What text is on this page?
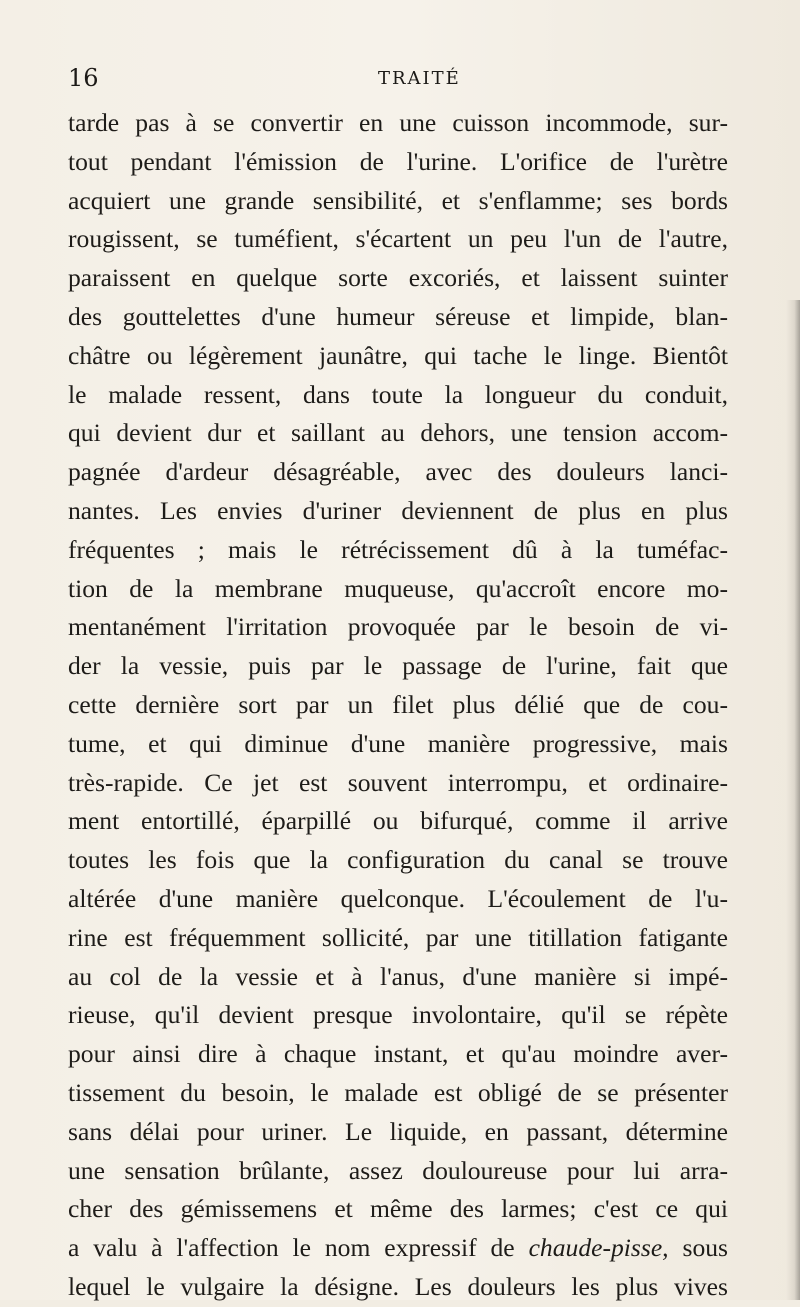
16	TRAITÉ
tarde pas à se convertir en une cuisson incommode, sur-
tout pendant l'émission de l'urine. L'orifice de l'urètre
acquiert une grande sensibilité, et s'enflamme; ses bords
rougissent, se tuméfient, s'écartent un peu l'un de l'autre,
paraissent en quelque sorte excoriés, et laissent suinter
des gouttelettes d'une humeur séreuse et limpide, blan-
châtre ou légèrement jaunâtre, qui tache le linge. Bientôt
le malade ressent, dans toute la longueur du conduit,
qui devient dur et saillant au dehors, une tension accom-
pagnée d'ardeur désagréable, avec des douleurs lanci-
nantes. Les envies d'uriner deviennent de plus en plus
fréquentes ; mais le rétrécissement dû à la tuméfac-
tion de la membrane muqueuse, qu'accroît encore mo-
mentanément l'irritation provoquée par le besoin de vi-
der la vessie, puis par le passage de l'urine, fait que
cette dernière sort par un filet plus délié que de cou-
tume, et qui diminue d'une manière progressive, mais
très-rapide. Ce jet est souvent interrompu, et ordinaire-
ment entortillé, éparpillé ou bifurqué, comme il arrive
toutes les fois que la configuration du canal se trouve
altérée d'une manière quelconque. L'écoulement de l'u-
rine est fréquemment sollicité, par une titillation fatigante
au col de la vessie et à l'anus, d'une manière si impé-
rieuse, qu'il devient presque involontaire, qu'il se répète
pour ainsi dire à chaque instant, et qu'au moindre aver-
tissement du besoin, le malade est obligé de se présenter
sans délai pour uriner. Le liquide, en passant, détermine
une sensation brûlante, assez douloureuse pour lui arra-
cher des gémissemens et même des larmes; c'est ce qui
a valu à l'affection le nom expressif de chaude-pisse, sous
lequel le vulgaire la désigne. Les douleurs les plus vives
